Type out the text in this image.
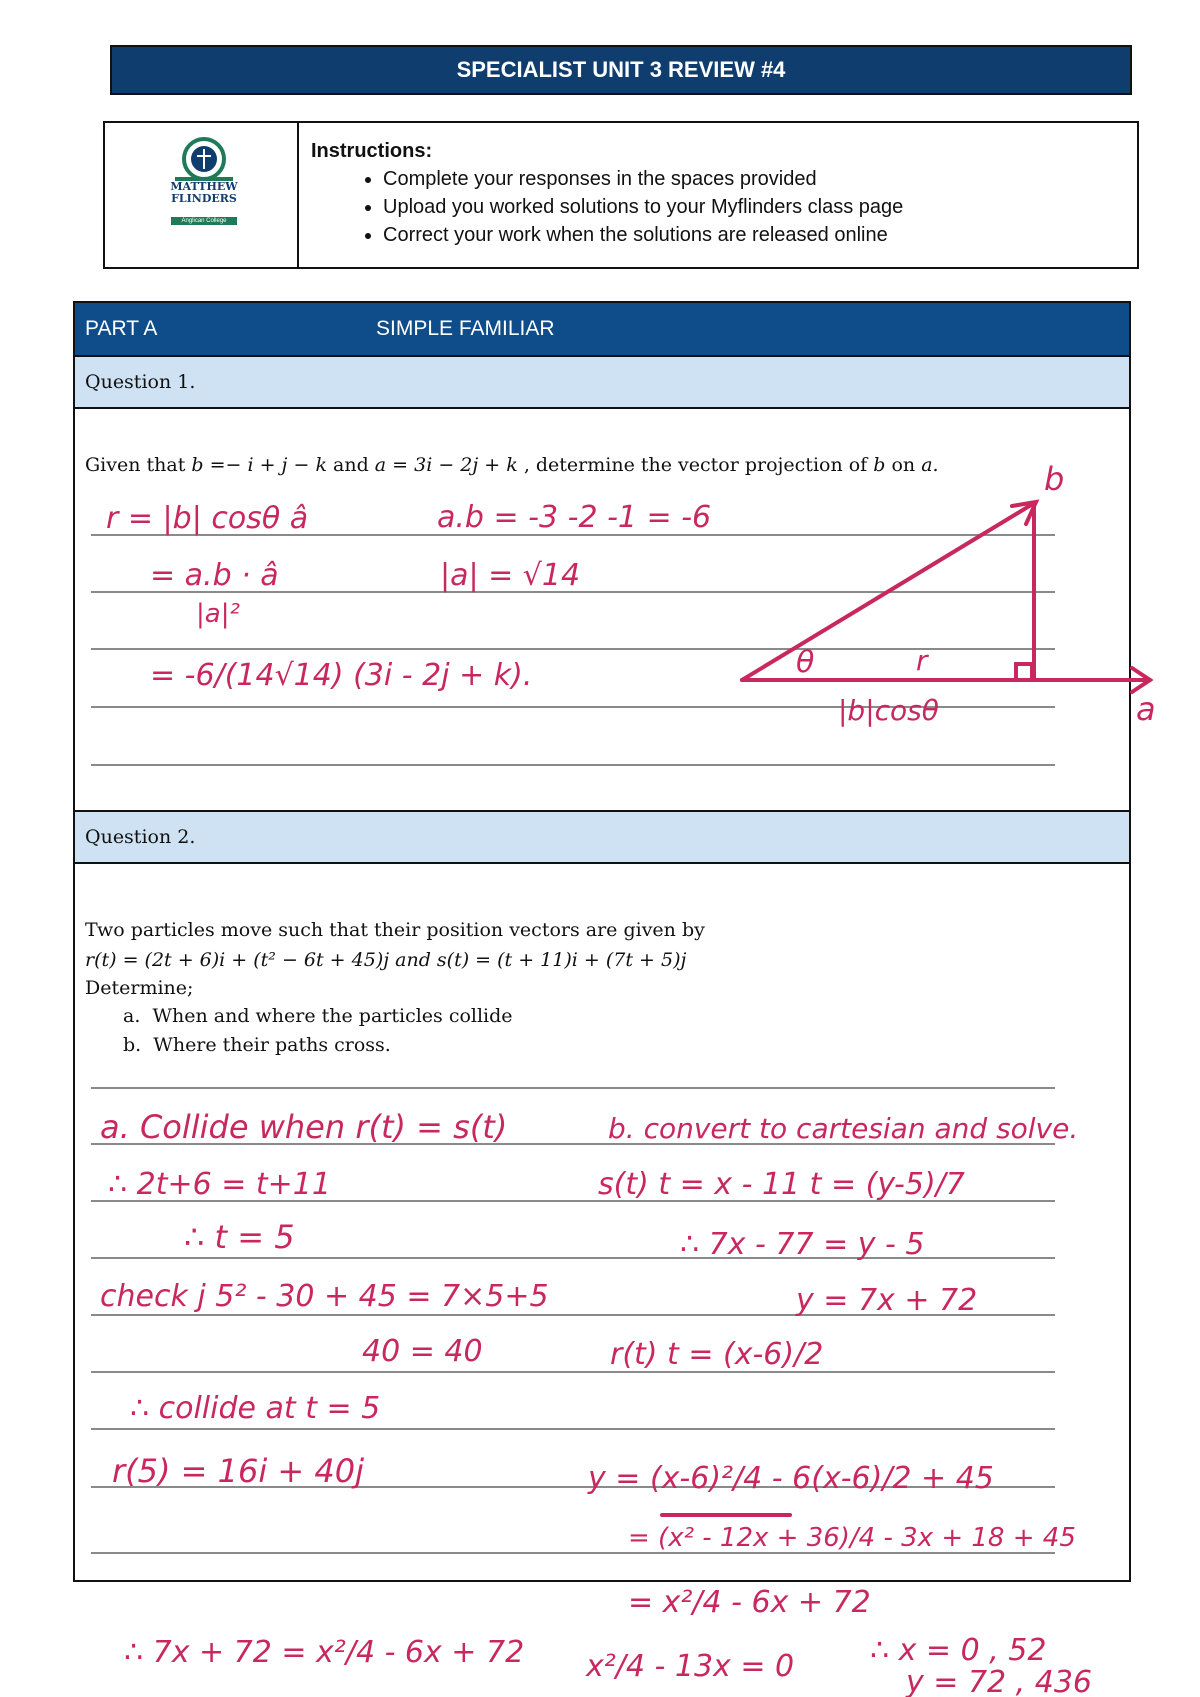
SPECIALIST UNIT 3 REVIEW #4
MATTHEW
FLINDERS
Anglican College
Instructions:
• Complete your responses in the spaces provided
• Upload you worked solutions to your Myflinders class page
• Correct your work when the solutions are released online
PART A	SIMPLE FAMILIAR
Question 1.
Given that b =− i + j − k and a = 3i − 2j + k , determine the vector projection of b on a.
Question 2.
Two particles move such that their position vectors are given by
r(t) = (2t + 6)i + (t² − 6t + 45)j and s(t) = (t + 11)i + (7t + 5)j
Determine;
a. When and where the particles collide
b. Where their paths cross.
r = |b| cosθ â	a.b = -3 -2 -1 = -6
= a.b · â
|a|²
|a| = √14
= -6/(14√14) (3i - 2j + k).
b
θ	r
|b|cosθ	a
a. Collide when r(t) = s(t)
∴ 2t+6 = t+11
∴ t = 5
check j 5² - 30 + 45 = 7×5+5
40 = 40
∴ collide at t = 5
r(5) = 16i + 40j
b. convert to cartesian and solve.
s(t) t = x - 11 t = (y-5)/7
∴ 7x - 77 = y - 5
y = 7x + 72
r(t) t = (x-6)/2
y = (x-6)²/4 - 6(x-6)/2 + 45
= (x² - 12x + 36)/4 - 3x + 18 + 45
= x²/4 - 6x + 72
∴ 7x + 72 = x²/4 - 6x + 72 x²/4 - 13x = 0	∴ x = 0 , 52
y = 72 , 436
